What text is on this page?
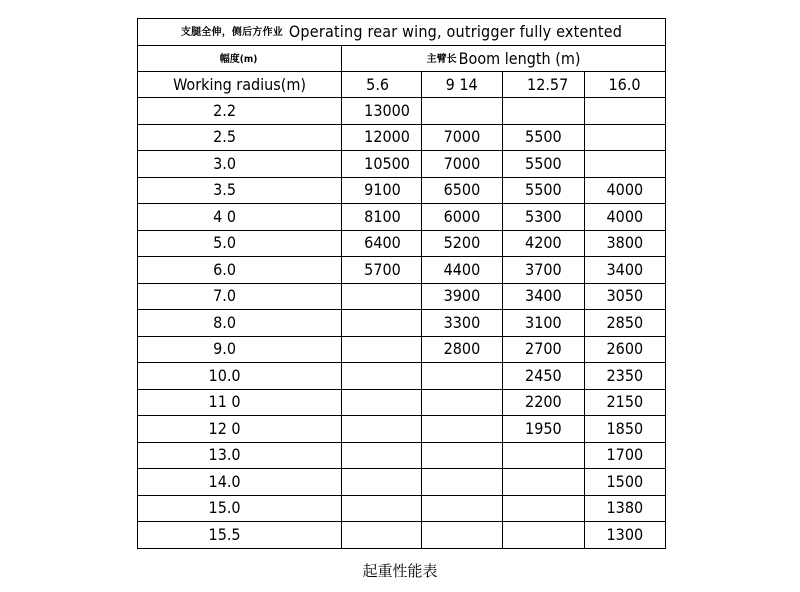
支腿全伸，侧后方作业 Operating rear wing, outrigger fully extented				
幅度(m)	主臂长 Boom length (m)			
Working radius(m)	5.6	9 14	12.57	16.0
2.2	13000			
2.5	12000	7000	5500	
3.0	10500	7000	5500	
3.5	9100	6500	5500	4000
4 0	8100	6000	5300	4000
5.0	6400	5200	4200	3800
6.0	5700	4400	3700	3400
7.0		3900	3400	3050
8.0		3300	3100	2850
9.0		2800	2700	2600
10.0			2450	2350
11 0			2200	2150
12 0			1950	1850
13.0				1700
14.0				1500
15.0				1380
15.5				1300
起重性能表
